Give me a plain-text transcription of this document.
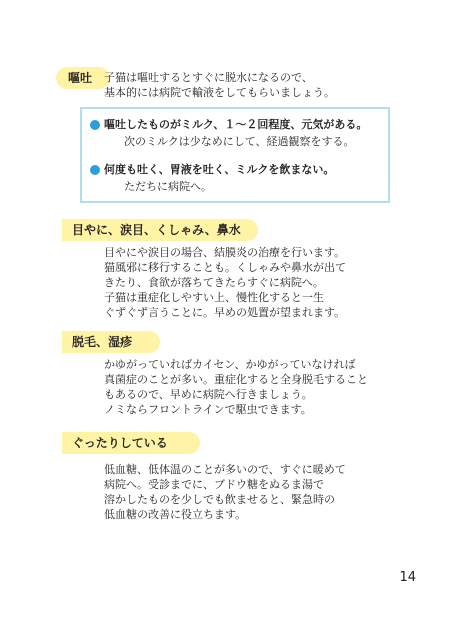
嘔吐	子猫は嘔吐するとすぐに脱水になるので、
基本的には病院で輸液をしてもらいましょう。
嘔吐したものがミルク、１～２回程度、元気がある。
次のミルクは少なめにして、経過観察をする。
何度も吐く、胃液を吐く、ミルクを飲まない。
ただちに病院へ。
目やに、涙目、くしゃみ、鼻水
目やにや涙目の場合、結膜炎の治療を行います。
猫風邪に移行することも。くしゃみや鼻水が出て
きたり、食欲が落ちてきたらすぐに病院へ。
子猫は重症化しやすい上、慢性化すると一生
ぐずぐず言うことに。早めの処置が望まれます。
脱毛、湿疹
かゆがっていればカイセン、かゆがっていなければ
真菌症のことが多い。重症化すると全身脱毛すること
もあるので、早めに病院へ行きましょう。
ノミならフロントラインで駆虫できます。
ぐったりしている
低血糖、低体温のことが多いので、すぐに暖めて
病院へ。受診までに、ブドウ糖をぬるま湯で
溶かしたものを少しでも飲ませると、緊急時の
低血糖の改善に役立ちます。
14
